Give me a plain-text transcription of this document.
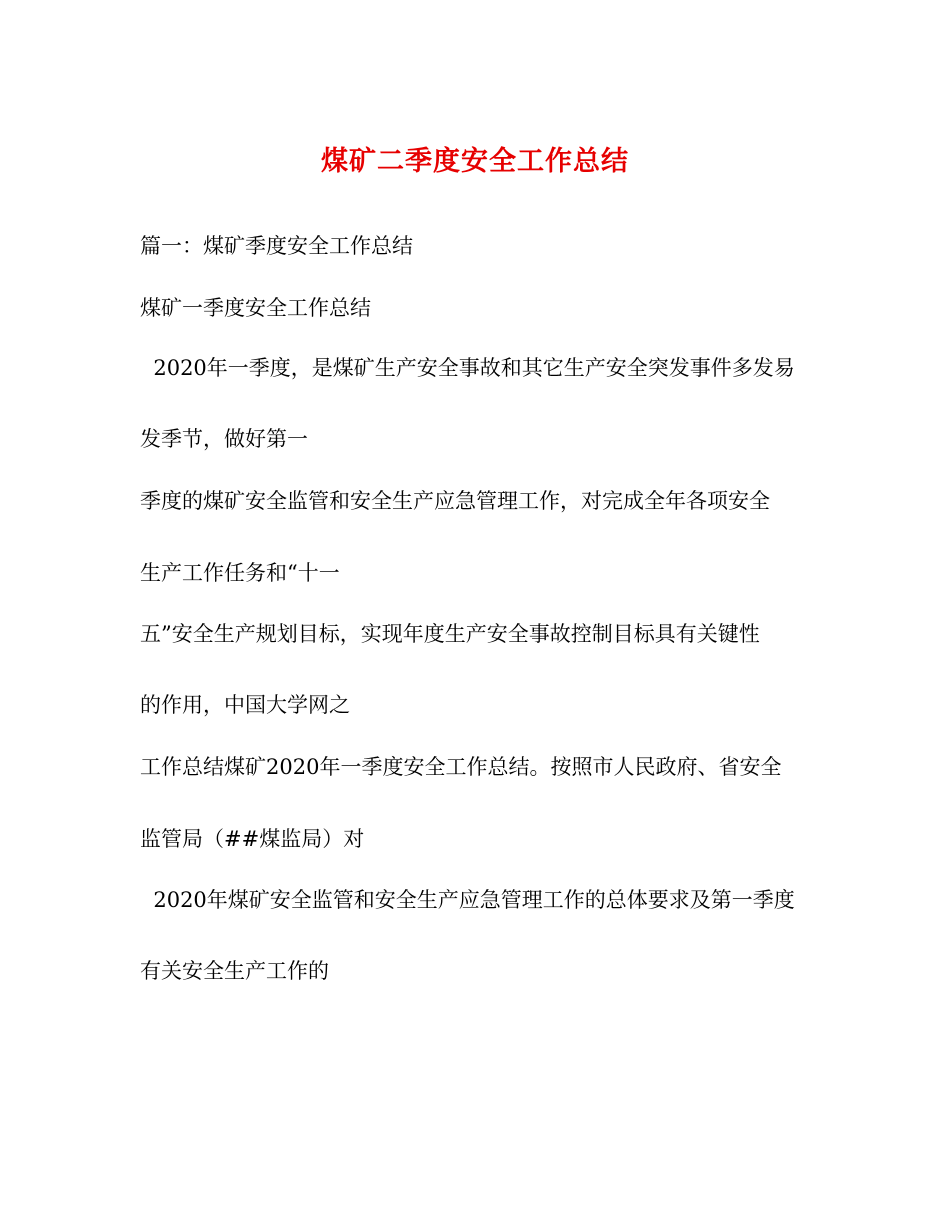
煤矿二季度安全工作总结
篇一：煤矿季度安全工作总结
煤矿一季度安全工作总结
2020年一季度，是煤矿生产安全事故和其它生产安全突发事件多发易
发季节，做好第一
季度的煤矿安全监管和安全生产应急管理工作，对完成全年各项安全
生产工作任务和“十一
五”安全生产规划目标，实现年度生产安全事故控制目标具有关键性
的作用，中国大学网之
工作总结煤矿2020年一季度安全工作总结。按照市人民政府、省安全
监管局（##煤监局）对
2020年煤矿安全监管和安全生产应急管理工作的总体要求及第一季度
有关安全生产工作的
